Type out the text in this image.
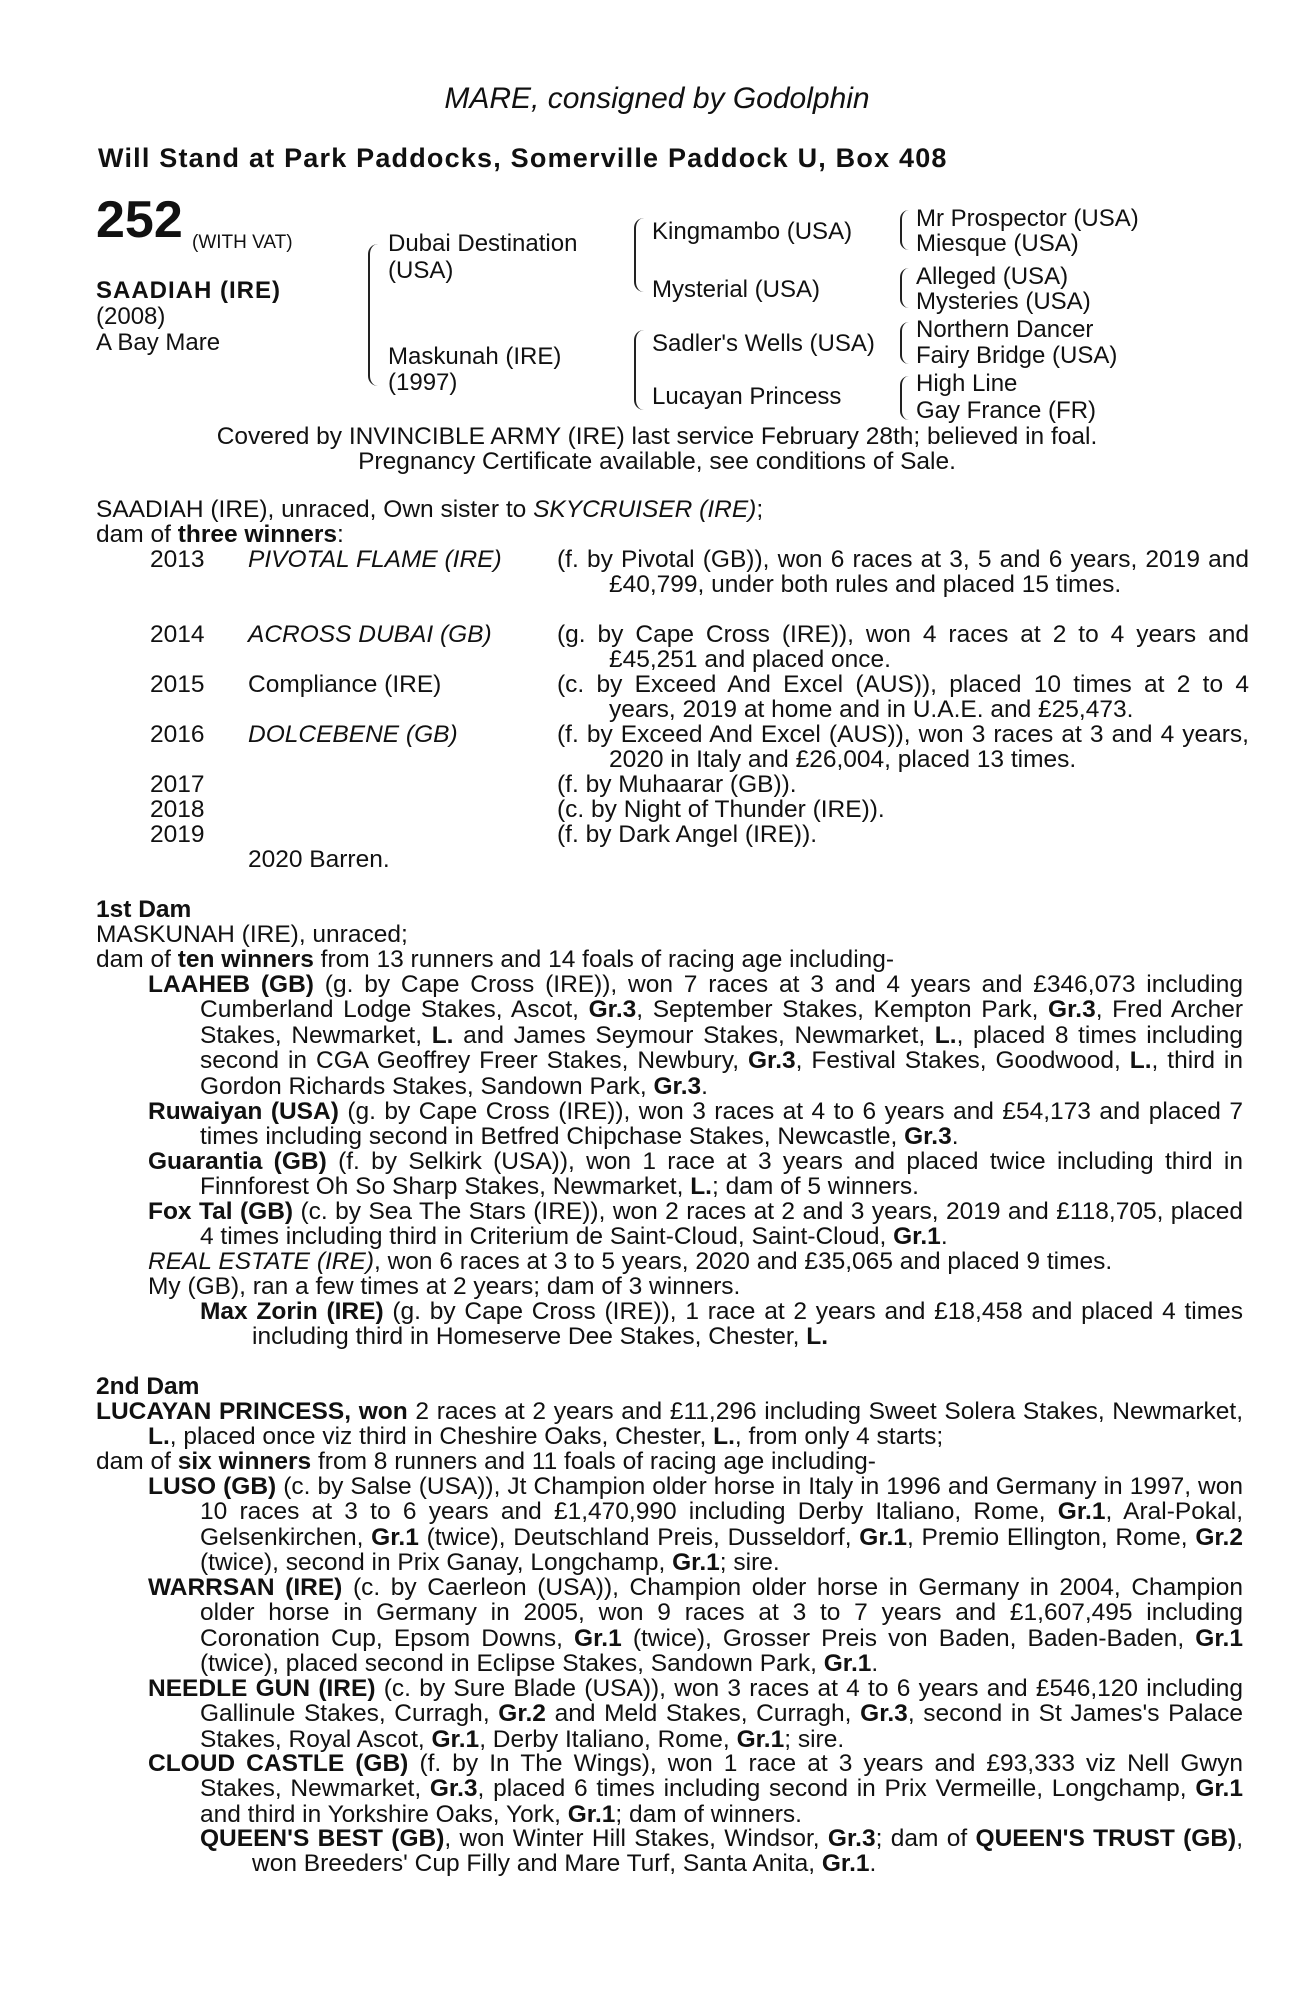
MARE, consigned by Godolphin
Will Stand at Park Paddocks, Somerville Paddock U, Box 408
252 (WITH VAT)
SAADIAH (IRE)
(2008)
A Bay Mare
Dubai Destination
(USA)
Maskunah (IRE)
(1997)
Kingmambo (USA)
Mysterial (USA)
Sadler's Wells (USA)
Lucayan Princess
Mr Prospector (USA)
Miesque (USA)
Alleged (USA)
Mysteries (USA)
Northern Dancer
Fairy Bridge (USA)
High Line
Gay France (FR)
Covered by INVINCIBLE ARMY (IRE) last service February 28th; believed in foal.
Pregnancy Certificate available, see conditions of Sale.
SAADIAH (IRE), unraced, Own sister to SKYCRUISER (IRE);
dam of three winners:
2013 PIVOTAL FLAME (IRE) (f. by Pivotal (GB)), won 6 races at 3, 5 and 6 years, 2019 and £40,799, under both rules and placed 15 times.
2014 ACROSS DUBAI (GB)	(g. by Cape Cross (IRE)), won 4 races at 2 to 4 years and £45,251 and placed once.
2015 Compliance (IRE)	(c. by Exceed And Excel (AUS)), placed 10 times at 2 to 4 years, 2019 at home and in U.A.E. and £25,473.
2016 DOLCEBENE (GB)	(f. by Exceed And Excel (AUS)), won 3 races at 3 and 4 years, 2020 in Italy and £26,004, placed 13 times.
2017	(f. by Muhaarar (GB)).
2018	(c. by Night of Thunder (IRE)).
2019	(f. by Dark Angel (IRE)).
2020 Barren.
1st Dam
MASKUNAH (IRE), unraced;
dam of ten winners from 13 runners and 14 foals of racing age including-
LAAHEB (GB) (g. by Cape Cross (IRE)), won 7 races at 3 and 4 years and £346,073 including Cumberland Lodge Stakes, Ascot, Gr.3, September Stakes, Kempton Park, Gr.3, Fred Archer Stakes, Newmarket, L. and James Seymour Stakes, Newmarket, L., placed 8 times including second in CGA Geoffrey Freer Stakes, Newbury, Gr.3, Festival Stakes, Goodwood, L., third in Gordon Richards Stakes, Sandown Park, Gr.3.
Ruwaiyan (USA) (g. by Cape Cross (IRE)), won 3 races at 4 to 6 years and £54,173 and placed 7 times including second in Betfred Chipchase Stakes, Newcastle, Gr.3.
Guarantia (GB) (f. by Selkirk (USA)), won 1 race at 3 years and placed twice including third in Finnforest Oh So Sharp Stakes, Newmarket, L.; dam of 5 winners.
Fox Tal (GB) (c. by Sea The Stars (IRE)), won 2 races at 2 and 3 years, 2019 and £118,705, placed 4 times including third in Criterium de Saint-Cloud, Saint-Cloud, Gr.1.
REAL ESTATE (IRE), won 6 races at 3 to 5 years, 2020 and £35,065 and placed 9 times.
My (GB), ran a few times at 2 years; dam of 3 winners.
Max Zorin (IRE) (g. by Cape Cross (IRE)), 1 race at 2 years and £18,458 and placed 4 times including third in Homeserve Dee Stakes, Chester, L.
2nd Dam
LUCAYAN PRINCESS, won 2 races at 2 years and £11,296 including Sweet Solera Stakes, Newmarket, L., placed once viz third in Cheshire Oaks, Chester, L., from only 4 starts;
dam of six winners from 8 runners and 11 foals of racing age including-
LUSO (GB) (c. by Salse (USA)), Jt Champion older horse in Italy in 1996 and Germany in 1997, won 10 races at 3 to 6 years and £1,470,990 including Derby Italiano, Rome, Gr.1, Aral-Pokal, Gelsenkirchen, Gr.1 (twice), Deutschland Preis, Dusseldorf, Gr.1, Premio Ellington, Rome, Gr.2 (twice), second in Prix Ganay, Longchamp, Gr.1; sire.
WARRSAN (IRE) (c. by Caerleon (USA)), Champion older horse in Germany in 2004, Champion older horse in Germany in 2005, won 9 races at 3 to 7 years and £1,607,495 including Coronation Cup, Epsom Downs, Gr.1 (twice), Grosser Preis von Baden, Baden-Baden, Gr.1 (twice), placed second in Eclipse Stakes, Sandown Park, Gr.1.
NEEDLE GUN (IRE) (c. by Sure Blade (USA)), won 3 races at 4 to 6 years and £546,120 including Gallinule Stakes, Curragh, Gr.2 and Meld Stakes, Curragh, Gr.3, second in St James's Palace Stakes, Royal Ascot, Gr.1, Derby Italiano, Rome, Gr.1; sire.
CLOUD CASTLE (GB) (f. by In The Wings), won 1 race at 3 years and £93,333 viz Nell Gwyn Stakes, Newmarket, Gr.3, placed 6 times including second in Prix Vermeille, Longchamp, Gr.1 and third in Yorkshire Oaks, York, Gr.1; dam of winners.
QUEEN'S BEST (GB), won Winter Hill Stakes, Windsor, Gr.3; dam of QUEEN'S TRUST (GB), won Breeders' Cup Filly and Mare Turf, Santa Anita, Gr.1.
